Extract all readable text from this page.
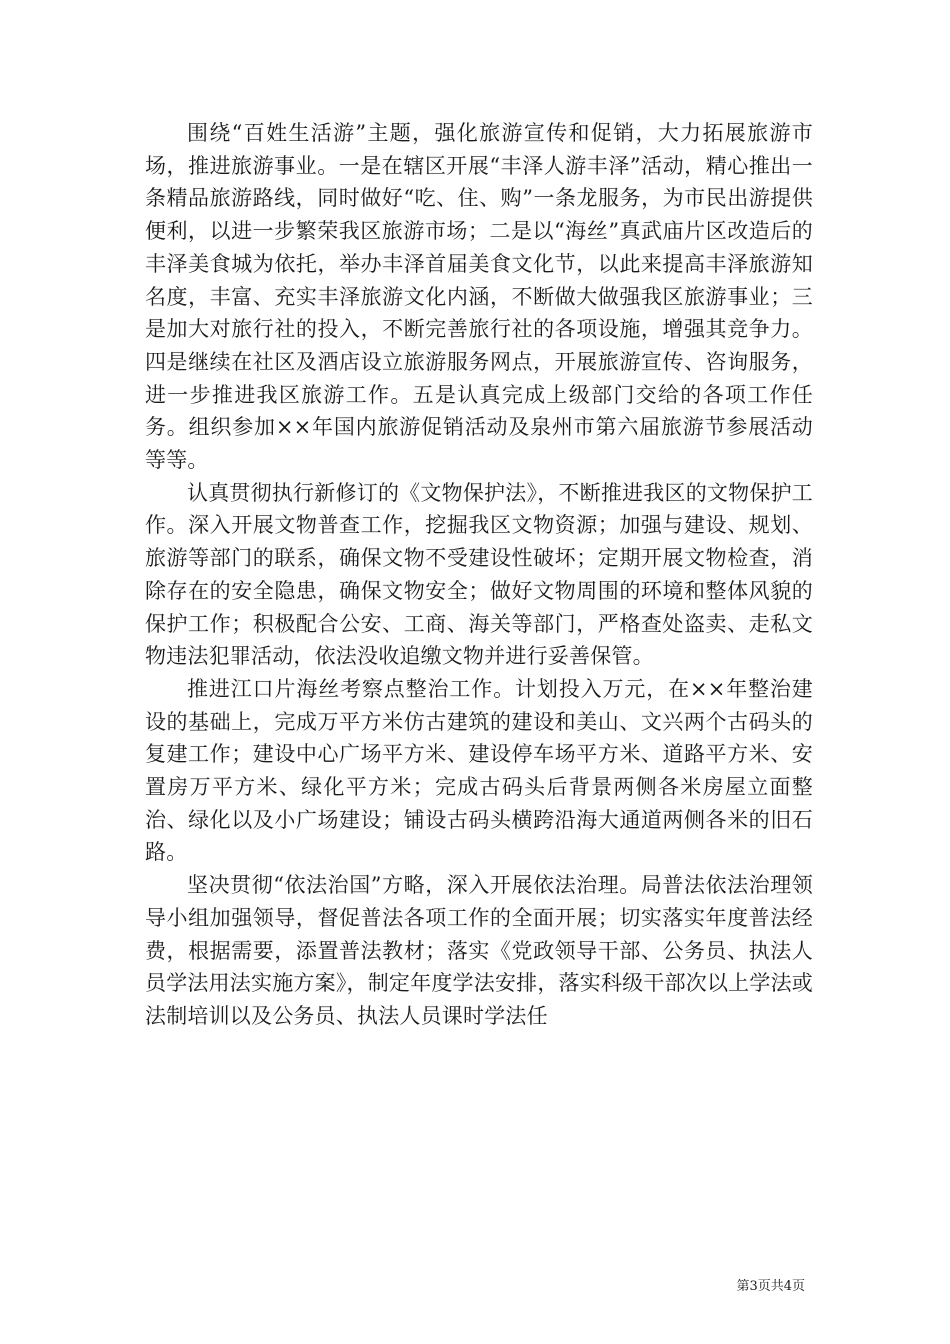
围绕“百姓生活游”主题，强化旅游宣传和促销，大力拓展旅游市场，推进旅游事业。一是在辖区开展“丰泽人游丰泽”活动，精心推出一条精品旅游路线，同时做好“吃、住、购”一条龙服务，为市民出游提供便利，以进一步繁荣我区旅游市场；二是以“海丝”真武庙片区改造后的丰泽美食城为依托，举办丰泽首届美食文化节，以此来提高丰泽旅游知名度，丰富、充实丰泽旅游文化内涵，不断做大做强我区旅游事业；三是加大对旅行社的投入，不断完善旅行社的各项设施，增强其竞争力。四是继续在社区及酒店设立旅游服务网点，开展旅游宣传、咨询服务，进一步推进我区旅游工作。五是认真完成上级部门交给的各项工作任务。组织参加××年国内旅游促销活动及泉州市第六届旅游节参展活动等等。

认真贯彻执行新修订的《文物保护法》，不断推进我区的文物保护工作。深入开展文物普查工作，挖掘我区文物资源；加强与建设、规划、旅游等部门的联系，确保文物不受建设性破坏；定期开展文物检查，消除存在的安全隐患，确保文物安全；做好文物周围的环境和整体风貌的保护工作；积极配合公安、工商、海关等部门，严格查处盗卖、走私文物违法犯罪活动，依法没收追缴文物并进行妥善保管。

推进江口片海丝考察点整治工作。计划投入万元，在××年整治建设的基础上，完成万平方米仿古建筑的建设和美山、文兴两个古码头的复建工作；建设中心广场平方米、建设停车场平方米、道路平方米、安置房万平方米、绿化平方米；完成古码头后背景两侧各米房屋立面整治、绿化以及小广场建设；铺设古码头横跨沿海大通道两侧各米的旧石路。

坚决贯彻“依法治国”方略，深入开展依法治理。局普法依法治理领导小组加强领导，督促普法各项工作的全面开展；切实落实年度普法经费，根据需要，添置普法教材；落实《党政领导干部、公务员、执法人员学法用法实施方案》，制定年度学法安排，落实科级干部次以上学法或法制培训以及公务员、执法人员课时学法任

第3页共4页
